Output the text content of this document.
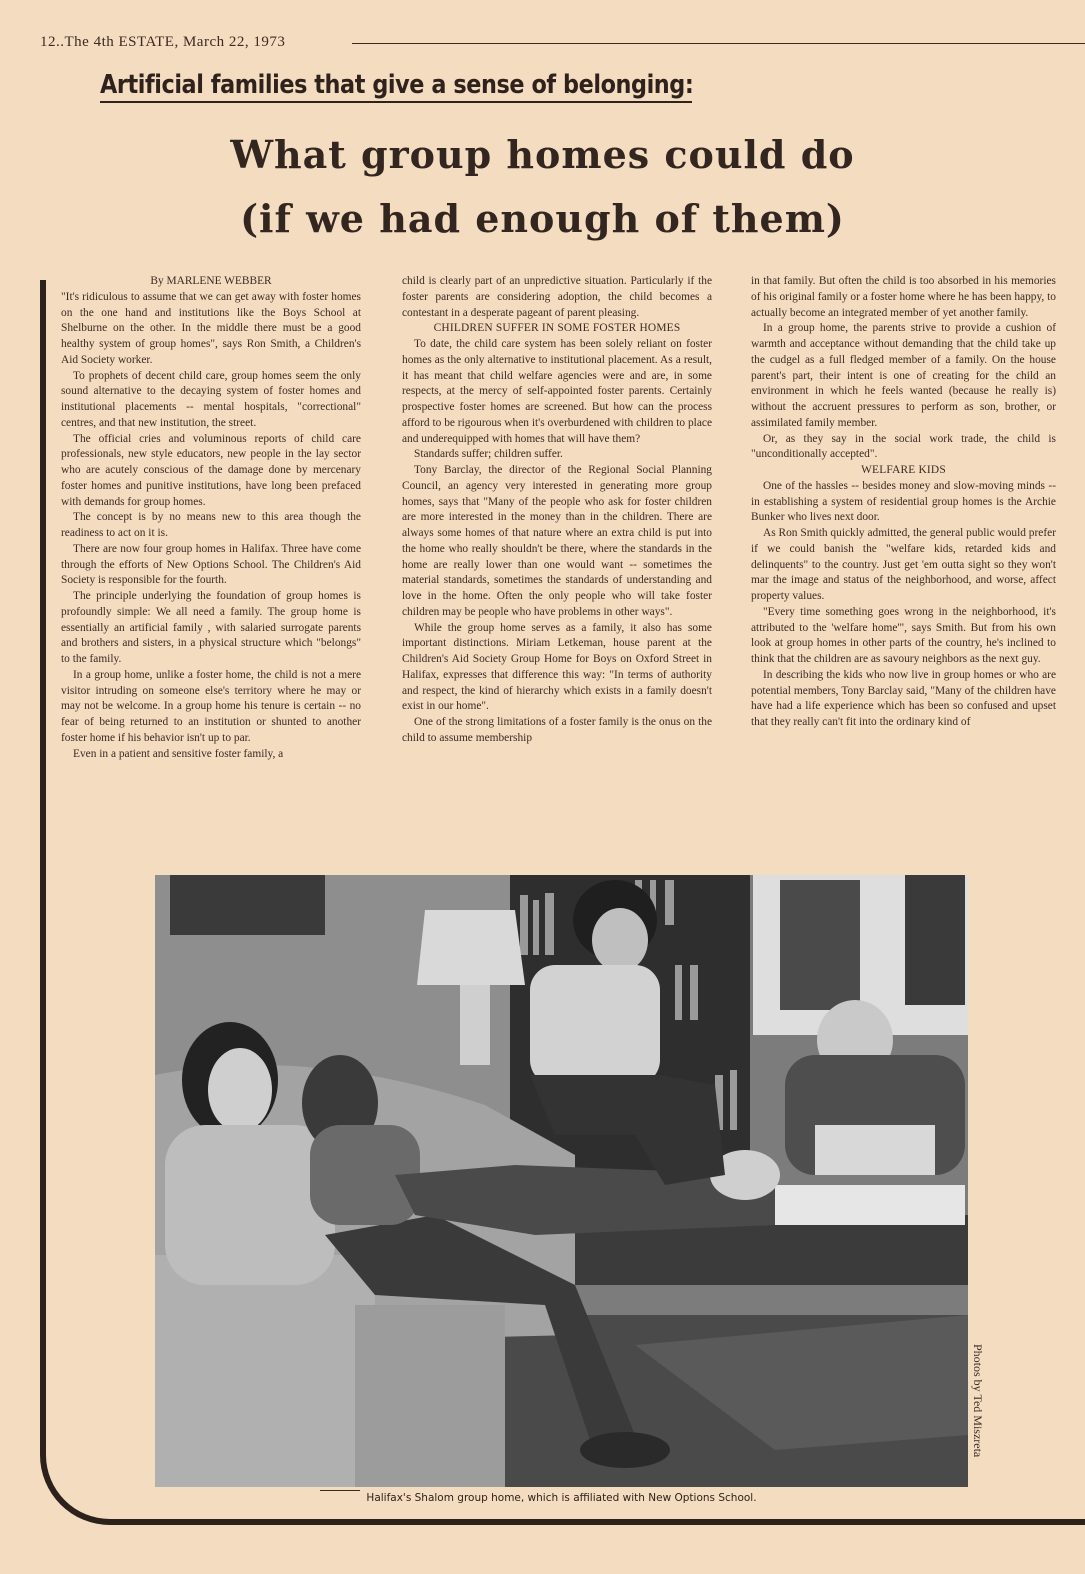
12..The 4th ESTATE, March 22, 1973
Artificial families that give a sense of belonging:
What group homes could do
(if we had enough of them)

By MARLENE WEBBER

"It's ridiculous to assume that we can get away with foster homes on the one hand and institutions like the Boys School at Shelburne on the other. In the middle there must be a good healthy system of group homes", says Ron Smith, a Children's Aid Society worker.

To prophets of decent child care, group homes seem the only sound alternative to the decaying system of foster homes and institutional placements -- mental hospitals, "correctional" centres, and that new institution, the street.

The official cries and voluminous reports of child care professionals, new style educators, new people in the lay sector who are acutely conscious of the damage done by mercenary foster homes and punitive institutions, have long been prefaced with demands for group homes.

The concept is by no means new to this area though the readiness to act on it is.

There are now four group homes in Halifax. Three have come through the efforts of New Options School. The Children's Aid Society is responsible for the fourth.

The principle underlying the foundation of group homes is profoundly simple: We all need a family. The group home is essentially an artificial family , with salaried surrogate parents and brothers and sisters, in a physical structure which "belongs" to the family.

In a group home, unlike a foster home, the child is not a mere visitor intruding on someone else's territory where he may or may not be welcome. In a group home his tenure is certain -- no fear of being returned to an institution or shunted to another foster home if his behavior isn't up to par.

Even in a patient and sensitive foster family, a

child is clearly part of an unpredictive situation. Particularly if the foster parents are considering adoption, the child becomes a contestant in a desperate pageant of parent pleasing.

CHILDREN SUFFER IN SOME FOSTER HOMES

To date, the child care system has been solely reliant on foster homes as the only alternative to institutional placement. As a result, it has meant that child welfare agencies were and are, in some respects, at the mercy of self-appointed foster parents. Certainly prospective foster homes are screened. But how can the process afford to be rigourous when it's overburdened with children to place and underequipped with homes that will have them?

Standards suffer; children suffer.

Tony Barclay, the director of the Regional Social Planning Council, an agency very interested in generating more group homes, says that "Many of the people who ask for foster children are more interested in the money than in the children. There are always some homes of that nature where an extra child is put into the home who really shouldn't be there, where the standards in the home are really lower than one would want -- sometimes the material standards, sometimes the standards of understanding and love in the home. Often the only people who will take foster children may be people who have problems in other ways".

While the group home serves as a family, it also has some important distinctions. Miriam Letkeman, house parent at the Children's Aid Society Group Home for Boys on Oxford Street in Halifax, expresses that difference this way: "In terms of authority and respect, the kind of hierarchy which exists in a family doesn't exist in our home".

One of the strong limitations of a foster family is the onus on the child to assume membership

in that family. But often the child is too absorbed in his memories of his original family or a foster home where he has been happy, to actually become an integrated member of yet another family.

In a group home, the parents strive to provide a cushion of warmth and acceptance without demanding that the child take up the cudgel as a full fledged member of a family. On the house parent's part, their intent is one of creating for the child an environment in which he feels wanted (because he really is) without the accruent pressures to perform as son, brother, or assimilated family member.

Or, as they say in the social work trade, the child is "unconditionally accepted".

WELFARE KIDS

One of the hassles -- besides money and slow-moving minds -- in establishing a system of residential group homes is the Archie Bunker who lives next door.

As Ron Smith quickly admitted, the general public would prefer if we could banish the "welfare kids, retarded kids and delinquents" to the country. Just get 'em outta sight so they won't mar the image and status of the neighborhood, and worse, affect property values.

"Every time something goes wrong in the neighborhood, it's attributed to the 'welfare home'", says Smith. But from his own look at group homes in other parts of the country, he's inclined to think that the children are as savoury neighbors as the next guy.

In describing the kids who now live in group homes or who are potential members, Tony Barclay said, "Many of the children have have had a life experience which has been so confused and upset that they really can't fit into the ordinary kind of

Photos by Ted Miszreta
Halifax's Shalom group home, which is affiliated with New Options School.
